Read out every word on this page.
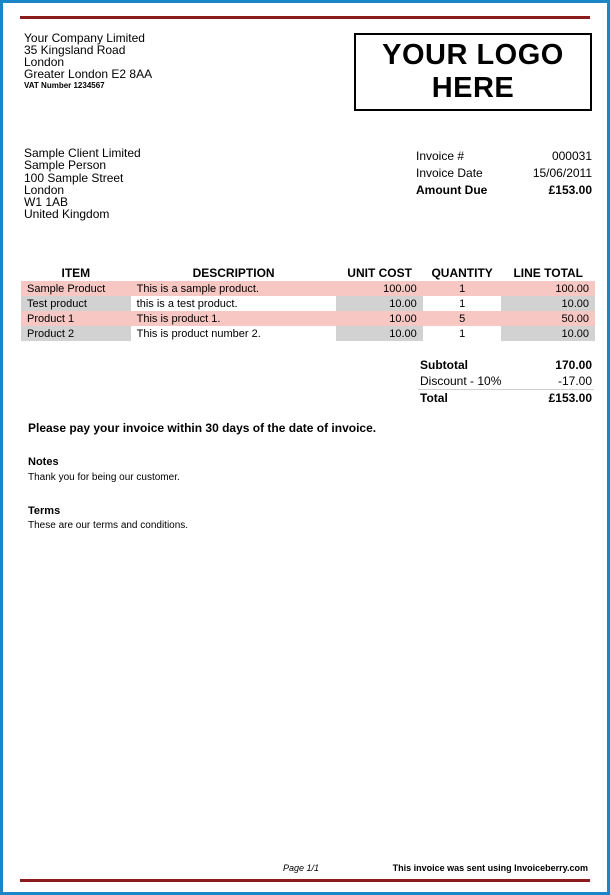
Your Company Limited
35 Kingsland Road
London
Greater London E2 8AA
VAT Number 1234567
YOUR LOGO
HERE
Sample Client Limited
Sample Person
100 Sample Street
London
W1 1AB
United Kingdom
Invoice #	000031
Invoice Date	15/06/2011
Amount Due	£153.00
ITEM	DESCRIPTION	UNIT COST	QUANTITY	LINE TOTAL
Sample Product	This is a sample product.	100.00	1	100.00
Test product	this is a test product.	10.00	1	10.00
Product 1	This is product 1.	10.00	5	50.00
Product 2	This is product number 2.	10.00	1	10.00
Subtotal	170.00
Discount - 10%	-17.00
Total	£153.00
Please pay your invoice within 30 days of the date of invoice.
Notes
Thank you for being our customer.
Terms
These are our terms and conditions.
Page 1/1	This invoice was sent using Invoiceberry.com
